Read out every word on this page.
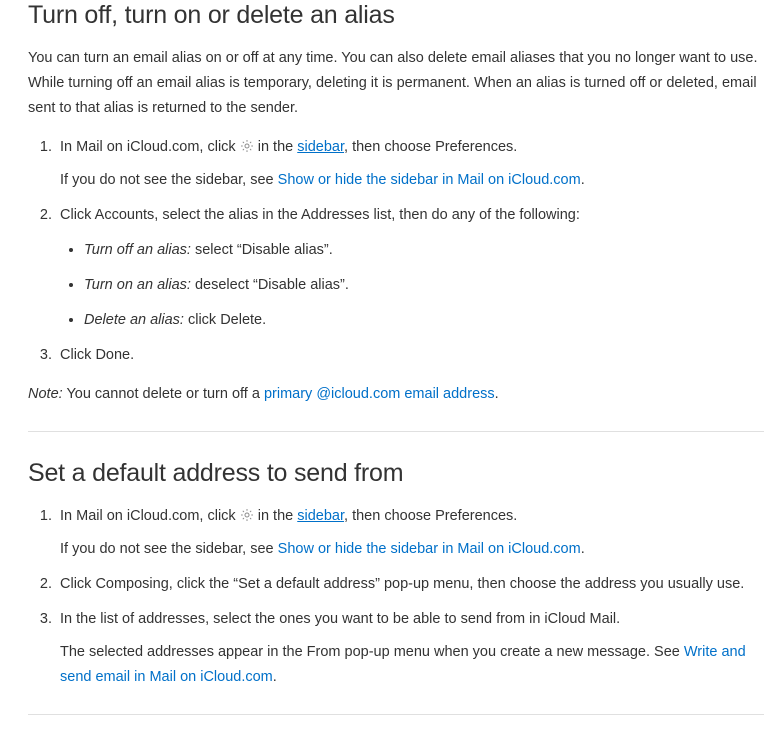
Turn off, turn on or delete an alias

You can turn an email alias on or off at any time. You can also delete email aliases that you no longer want to use. While turning off an email alias is temporary, deleting it is permanent. When an alias is turned off or deleted, email sent to that alias is returned to the sender.

1. In Mail on iCloud.com, click in the sidebar, then choose Preferences.
If you do not see the sidebar, see Show or hide the sidebar in Mail on iCloud.com.
2. Click Accounts, select the alias in the Addresses list, then do any of the following:
• Turn off an alias: select “Disable alias”.
• Turn on an alias: deselect “Disable alias”.
• Delete an alias: click Delete.
3. Click Done.

Note: You cannot delete or turn off a primary @icloud.com email address.

Set a default address to send from
1. In Mail on iCloud.com, click in the sidebar, then choose Preferences.
If you do not see the sidebar, see Show or hide the sidebar in Mail on iCloud.com.
2. Click Composing, click the “Set a default address” pop-up menu, then choose the address you usually use.
3. In the list of addresses, select the ones you want to be able to send from in iCloud Mail.
The selected addresses appear in the From pop-up menu when you create a new message. See Write and send email in Mail on iCloud.com.
